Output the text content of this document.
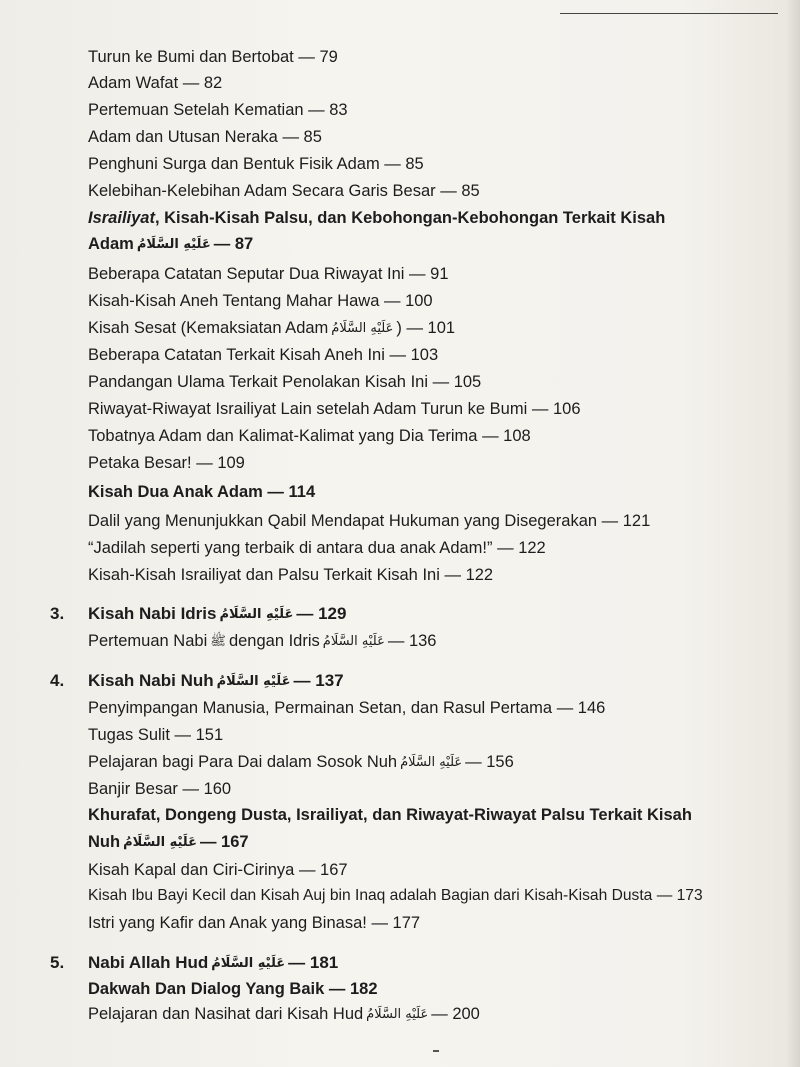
Turun ke Bumi dan Bertobat — 79
Adam Wafat — 82
Pertemuan Setelah Kematian — 83
Adam dan Utusan Neraka — 85
Penghuni Surga dan Bentuk Fisik Adam — 85
Kelebihan-Kelebihan Adam Secara Garis Besar — 85
Israiliyat, Kisah-Kisah Palsu, dan Kebohongan-Kebohongan Terkait Kisah
Adam عَلَيْهِ السَّلَامُ — 87
Beberapa Catatan Seputar Dua Riwayat Ini — 91
Kisah-Kisah Aneh Tentang Mahar Hawa — 100
Kisah Sesat (Kemaksiatan Adam عَلَيْهِ السَّلَامُ ) — 101
Beberapa Catatan Terkait Kisah Aneh Ini — 103
Pandangan Ulama Terkait Penolakan Kisah Ini — 105
Riwayat-Riwayat Israiliyat Lain setelah Adam Turun ke Bumi — 106
Tobatnya Adam dan Kalimat-Kalimat yang Dia Terima — 108
Petaka Besar! — 109
Kisah Dua Anak Adam — 114
Dalil yang Menunjukkan Qabil Mendapat Hukuman yang Disegerakan — 121
“Jadilah seperti yang terbaik di antara dua anak Adam!” — 122
Kisah-Kisah Israiliyat dan Palsu Terkait Kisah Ini — 122
3. Kisah Nabi Idris عَلَيْهِ السَّلَامُ — 129
Pertemuan Nabi ﷺ dengan Idris عَلَيْهِ السَّلَامُ — 136
4. Kisah Nabi Nuh عَلَيْهِ السَّلَامُ — 137
Penyimpangan Manusia, Permainan Setan, dan Rasul Pertama — 146
Tugas Sulit — 151
Pelajaran bagi Para Dai dalam Sosok Nuh عَلَيْهِ السَّلَامُ — 156
Banjir Besar — 160
Khurafat, Dongeng Dusta, Israiliyat, dan Riwayat-Riwayat Palsu Terkait Kisah
Nuh عَلَيْهِ السَّلَامُ — 167
Kisah Kapal dan Ciri-Cirinya — 167
Kisah Ibu Bayi Kecil dan Kisah Auj bin Inaq adalah Bagian dari Kisah-Kisah Dusta — 173
Istri yang Kafir dan Anak yang Binasa! — 177
5. Nabi Allah Hud عَلَيْهِ السَّلَامُ — 181
Dakwah Dan Dialog Yang Baik — 182
Pelajaran dan Nasihat dari Kisah Hud عَلَيْهِ السَّلَامُ — 200
